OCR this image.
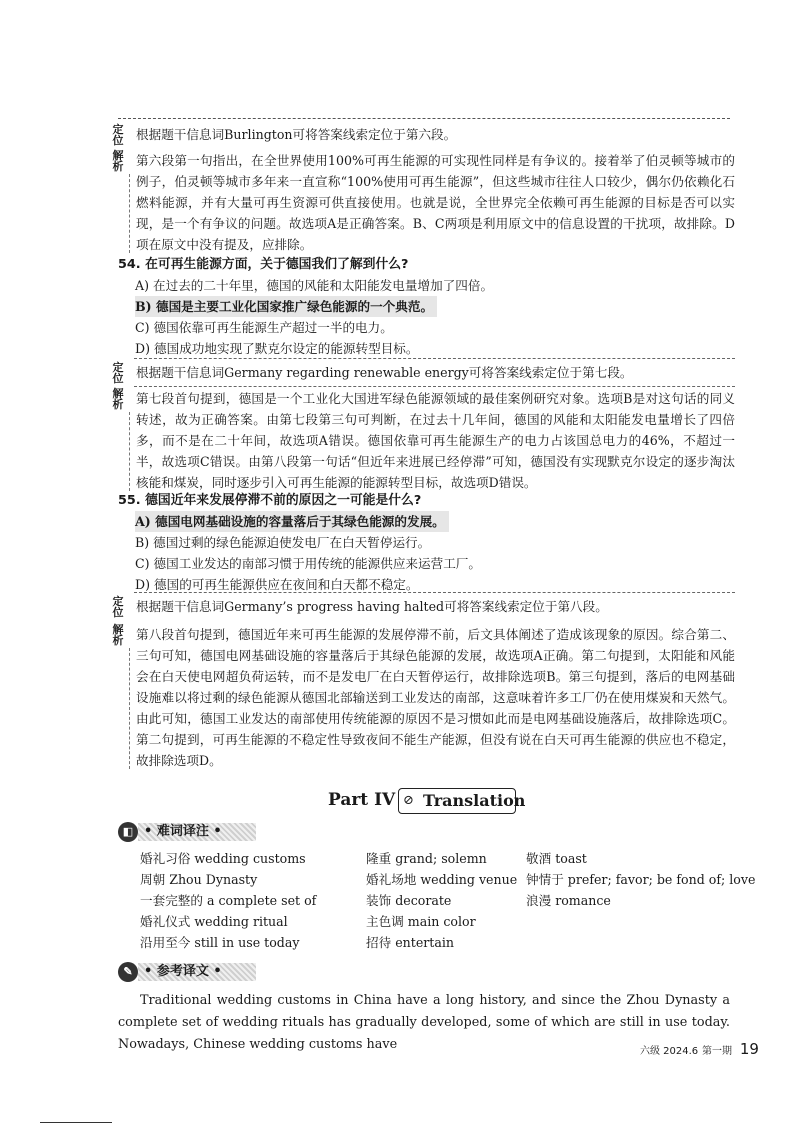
定
位 根据题干信息词Burlington可将答案线索定位于第六段。
解
析 第六段第一句指出，在全世界使用100%可再生能源的可实现性同样是有争议的。接着举了伯灵顿等城市的例子，伯灵顿等城市多年来一直宣称“100%使用可再生能源”，但这些城市往往人口较少，偶尔仍依赖化石燃料能源，并有大量可再生资源可供直接使用。也就是说，全世界完全依赖可再生能源的目标是否可以实现，是一个有争议的问题。故选项A是正确答案。B、C两项是利用原文中的信息设置的干扰项，故排除。D项在原文中没有提及，应排除。
54. 在可再生能源方面，关于德国我们了解到什么?
A) 在过去的二十年里，德国的风能和太阳能发电量增加了四倍。
B) 德国是主要工业化国家推广绿色能源的一个典范。
C) 德国依靠可再生能源生产超过一半的电力。
D) 德国成功地实现了默克尔设定的能源转型目标。
定
位 根据题干信息词Germany regarding renewable energy可将答案线索定位于第七段。
解
析 第七段首句提到，德国是一个工业化大国进军绿色能源领域的最佳案例研究对象。选项B是对这句话的同义转述，故为正确答案。由第七段第三句可判断，在过去十几年间，德国的风能和太阳能发电量增长了四倍多，而不是在二十年间，故选项A错误。德国依靠可再生能源生产的电力占该国总电力的46%，不超过一半，故选项C错误。由第八段第一句话“但近年来进展已经停滞”可知，德国没有实现默克尔设定的逐步淘汰核能和煤炭，同时逐步引入可再生能源的能源转型目标，故选项D错误。
55. 德国近年来发展停滞不前的原因之一可能是什么?
A) 德国电网基础设施的容量落后于其绿色能源的发展。
B) 德国过剩的绿色能源迫使发电厂在白天暂停运行。
C) 德国工业发达的南部习惯于用传统的能源供应来运营工厂。
D) 德国的可再生能源供应在夜间和白天都不稳定。
定
位 根据题干信息词Germany’s progress having halted可将答案线索定位于第八段。
解
析 第八段首句提到，德国近年来可再生能源的发展停滞不前，后文具体阐述了造成该现象的原因。综合第二、三句可知，德国电网基础设施的容量落后于其绿色能源的发展，故选项A正确。第二句提到，太阳能和风能会在白天使电网超负荷运转，而不是发电厂在白天暂停运行，故排除选项B。第三句提到，落后的电网基础设施难以将过剩的绿色能源从德国北部输送到工业发达的南部，这意味着许多工厂仍在使用煤炭和天然气。由此可知，德国工业发达的南部使用传统能源的原因不是习惯如此而是电网基础设施落后，故排除选项C。第二句提到，可再生能源的不稳定性导致夜间不能生产能源，但没有说在白天可再生能源的供应也不稳定，故排除选项D。
Part IV ⊘ Translation
◧ • 难词译注 •
婚礼习俗 wedding customs
周朝 Zhou Dynasty
一套完整的 a complete set of
婚礼仪式 wedding ritual
沿用至今 still in use today
隆重 grand; solemn
婚礼场地 wedding venue
装饰 decorate
主色调 main color
招待 entertain
敬酒 toast
钟情于 prefer; favor; be fond of; love
浪漫 romance
✎ • 参考译文 •

Traditional wedding customs in China have a long history, and since the Zhou Dynasty a complete set of wedding rituals has gradually developed, some of which are still in use today. Nowadays, Chinese wedding customs have	六级 2024.6 第一期 19
